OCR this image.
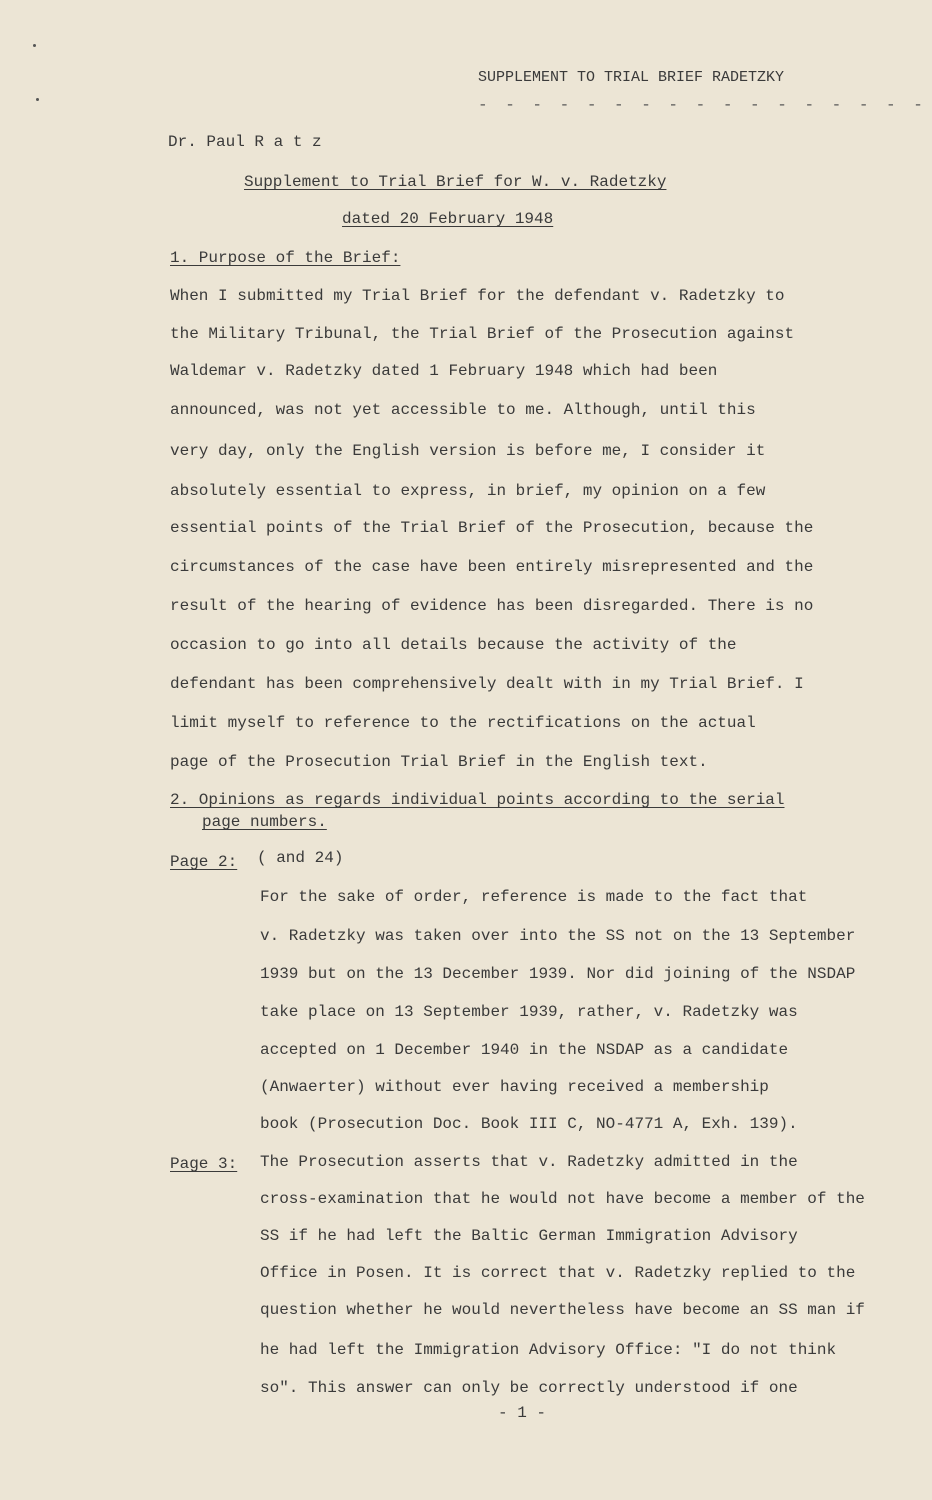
SUPPLEMENT TO TRIAL BRIEF RADETZKY
- - - - - - - - - - - - - - - - -
Dr. Paul R a t z
Supplement to Trial Brief for W. v. Radetzky
dated 20 February 1948
1. Purpose of the Brief:
When I submitted my Trial Brief for the defendant v. Radetzky to
the Military Tribunal, the Trial Brief of the Prosecution against
Waldemar v. Radetzky dated 1 February 1948 which had been
announced, was not yet accessible to me. Although, until this
very day, only the English version is before me, I consider it
absolutely essential to express, in brief, my opinion on a few
essential points of the Trial Brief of the Prosecution, because the
circumstances of the case have been entirely misrepresented and the
result of the hearing of evidence has been disregarded. There is no
occasion to go into all details because the activity of the
defendant has been comprehensively dealt with in my Trial Brief. I
limit myself to reference to the rectifications on the actual
page of the Prosecution Trial Brief in the English text.
2. Opinions as regards individual points according to the serial
page numbers.
Page 2: ( and 24)
For the sake of order, reference is made to the fact that
v. Radetzky was taken over into the SS not on the 13 September
1939 but on the 13 December 1939. Nor did joining of the NSDAP
take place on 13 September 1939, rather, v. Radetzky was
accepted on 1 December 1940 in the NSDAP as a candidate
(Anwaerter) without ever having received a membership
book (Prosecution Doc. Book III C, NO-4771 A, Exh. 139).
Page 3: The Prosecution asserts that v. Radetzky admitted in the
cross-examination that he would not have become a member of the
SS if he had left the Baltic German Immigration Advisory
Office in Posen. It is correct that v. Radetzky replied to the
question whether he would nevertheless have become an SS man if
he had left the Immigration Advisory Office: "I do not think
so". This answer can only be correctly understood if one
- 1 -
